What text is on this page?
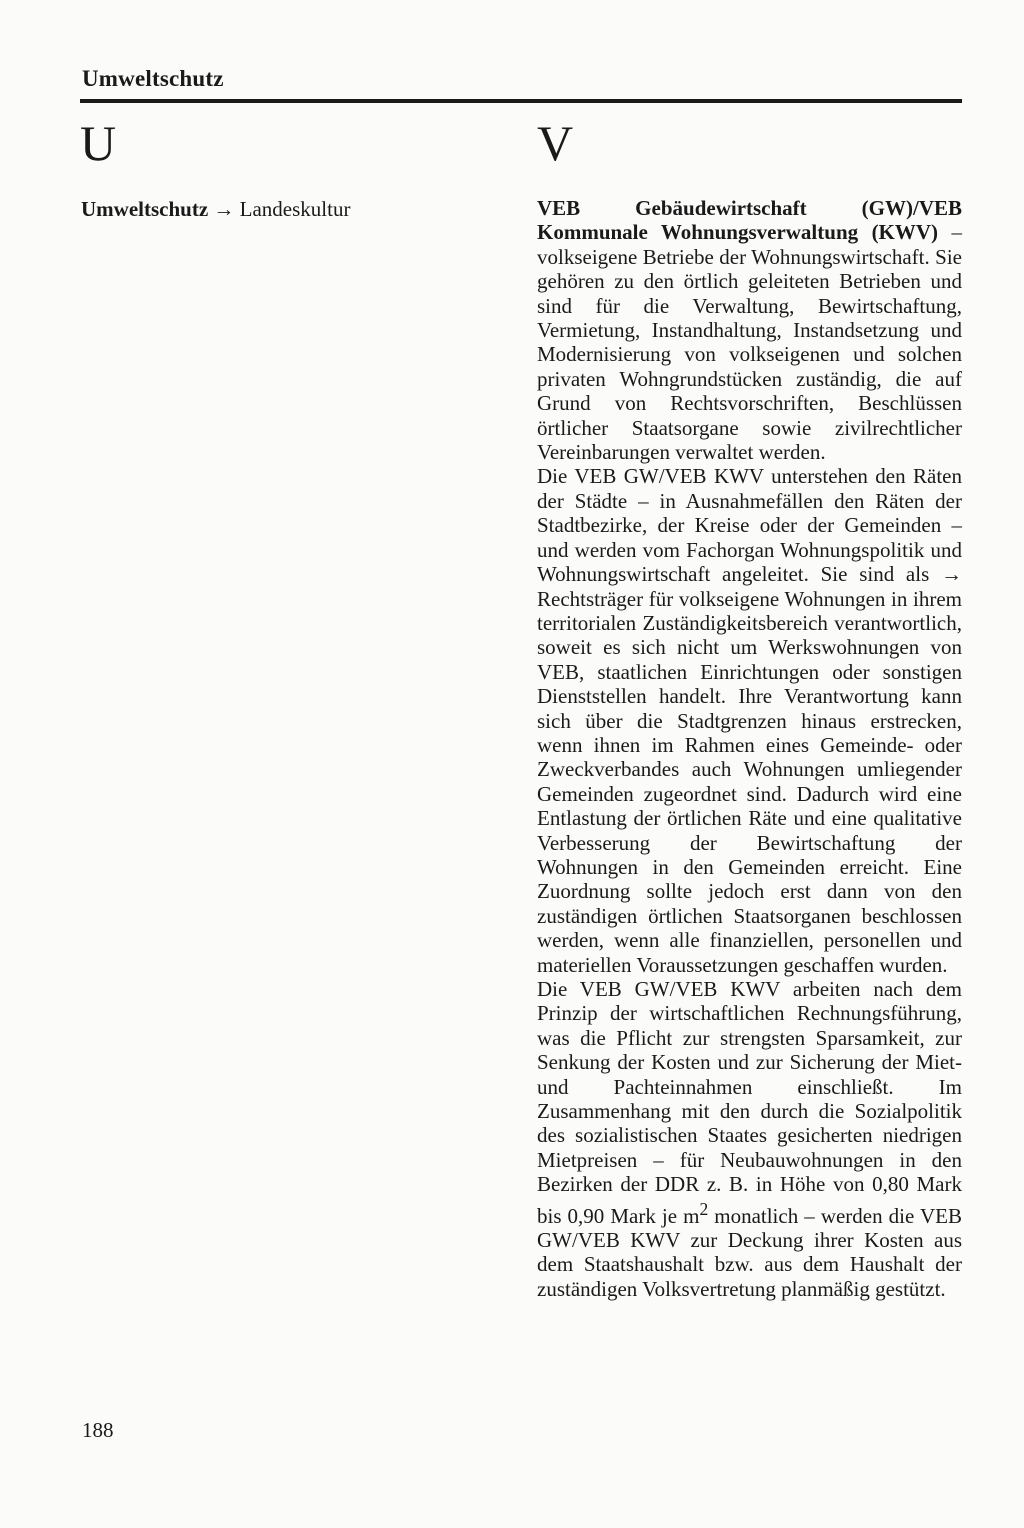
Umweltschutz
U	V
Umweltschutz → Landeskultur	VEB Gebäudewirtschaft (GW)/VEB Kommunale Wohnungsverwaltung (KWV) – volkseigene Betriebe der Wohnungswirtschaft. Sie gehören zu den örtlich geleiteten Betrieben und sind für die Verwaltung, Bewirtschaftung, Vermietung, Instandhaltung, Instandsetzung und Modernisierung von volkseigenen und solchen privaten Wohngrundstücken zuständig, die auf Grund von Rechtsvorschriften, Beschlüssen örtlicher Staatsorgane sowie zivilrechtlicher Vereinbarungen verwaltet werden.

Die VEB GW/VEB KWV unterstehen den Räten der Städte – in Ausnahmefällen den Räten der Stadtbezirke, der Kreise oder der Gemeinden – und werden vom Fachorgan Wohnungspolitik und Wohnungswirtschaft angeleitet. Sie sind als → Rechtsträger für volkseigene Wohnungen in ihrem territorialen Zuständigkeitsbereich verantwortlich, soweit es sich nicht um Werkswohnungen von VEB, staatlichen Einrichtungen oder sonstigen Dienststellen handelt. Ihre Verantwortung kann sich über die Stadtgrenzen hinaus erstrecken, wenn ihnen im Rahmen eines Gemeinde- oder Zweckverbandes auch Wohnungen umliegender Gemeinden zugeordnet sind. Dadurch wird eine Entlastung der örtlichen Räte und eine qualitative Verbesserung der Bewirtschaftung der Wohnungen in den Gemeinden erreicht. Eine Zuordnung sollte jedoch erst dann von den zuständigen örtlichen Staatsorganen beschlossen werden, wenn alle finanziellen, personellen und materiellen Voraussetzungen geschaffen wurden.

Die VEB GW/VEB KWV arbeiten nach dem Prinzip der wirtschaftlichen Rechnungsführung, was die Pflicht zur strengsten Sparsamkeit, zur Senkung der Kosten und zur Sicherung der Miet- und Pachteinnahmen einschließt. Im Zusammenhang mit den durch die Sozialpolitik des sozialistischen Staates gesicherten niedrigen Mietpreisen – für Neubauwohnungen in den Bezirken der DDR z. B. in Höhe von 0,80 Mark bis 0,90 Mark je $m^2$ monatlich – werden die VEB GW/VEB KWV zur Deckung ihrer Kosten aus dem Staatshaushalt bzw. aus dem Haushalt der zuständigen Volksvertretung planmäßig gestützt.

188
